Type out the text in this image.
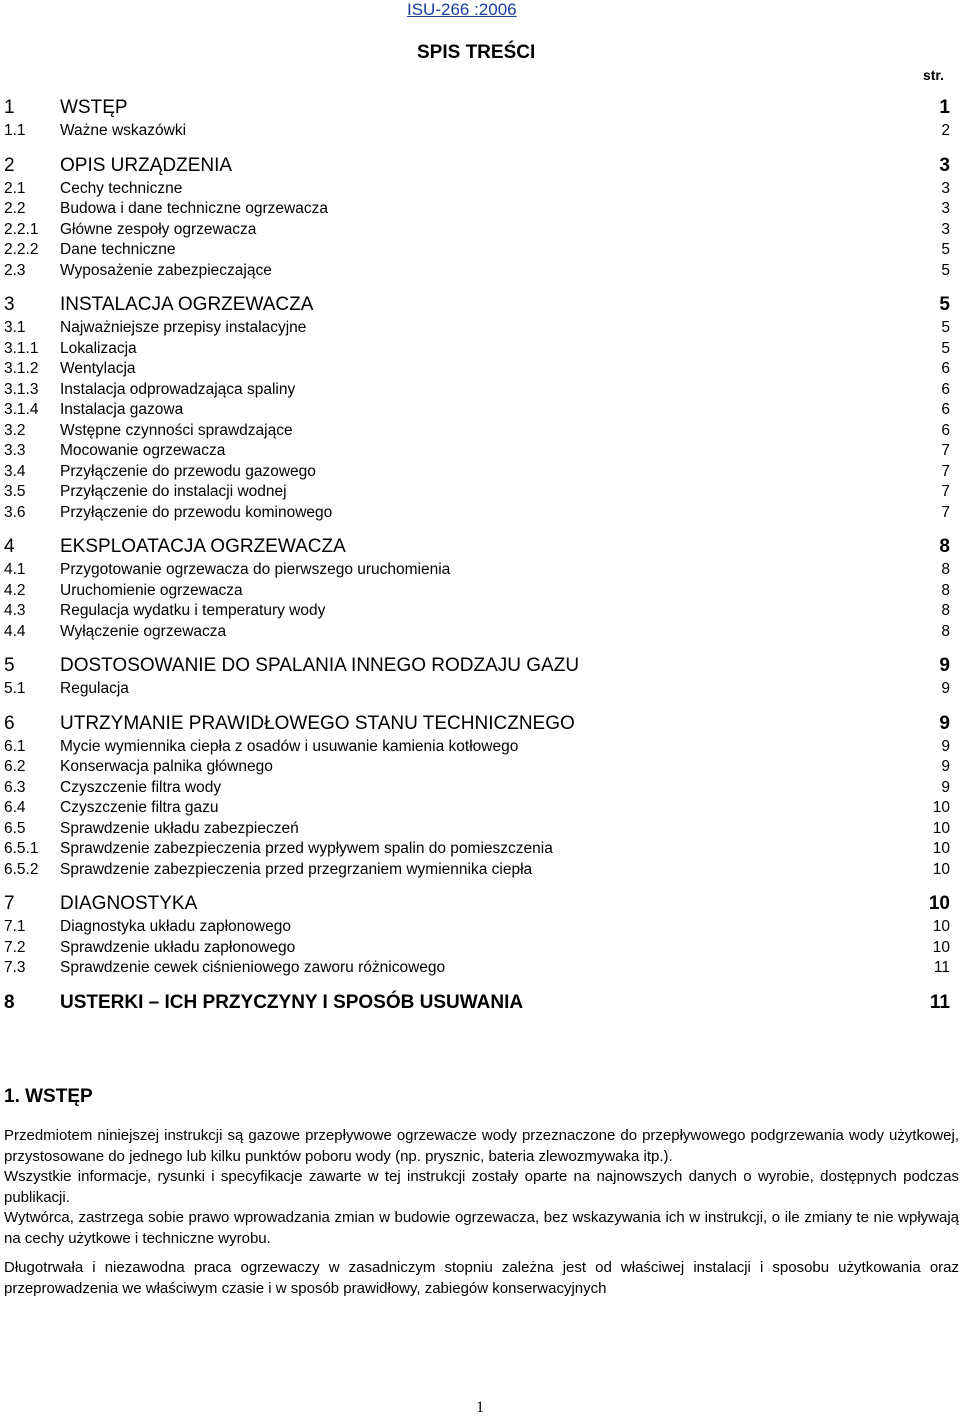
ISU-266 :2006
SPIS TREŚCI
str.
1 WSTĘP	1
1.1 Ważne wskazówki	2
2 OPIS URZĄDZENIA	3
2.1 Cechy techniczne	3
2.2 Budowa i dane techniczne ogrzewacza	3
2.2.1 Główne zespoły ogrzewacza	3
2.2.2 Dane techniczne	5
2.3 Wyposażenie zabezpieczające	5
3 INSTALACJA OGRZEWACZA	5
3.1 Najważniejsze przepisy instalacyjne	5
3.1.1 Lokalizacja	5
3.1.2 Wentylacja	6
3.1.3 Instalacja odprowadzająca spaliny	6
3.1.4 Instalacja gazowa	6
3.2 Wstępne czynności sprawdzające	6
3.3 Mocowanie ogrzewacza	7
3.4 Przyłączenie do przewodu gazowego	7
3.5 Przyłączenie do instalacji wodnej	7
3.6 Przyłączenie do przewodu kominowego	7
4 EKSPLOATACJA OGRZEWACZA	8
4.1 Przygotowanie ogrzewacza do pierwszego uruchomienia	8
4.2 Uruchomienie ogrzewacza	8
4.3 Regulacja wydatku i temperatury wody	8
4.4 Wyłączenie ogrzewacza	8
5 DOSTOSOWANIE DO SPALANIA INNEGO RODZAJU GAZU	9
5.1 Regulacja	9
6 UTRZYMANIE PRAWIDŁOWEGO STANU TECHNICZNEGO	9
6.1 Mycie wymiennika ciepła z osadów i usuwanie kamienia kotłowego	9
6.2 Konserwacja palnika głównego	9
6.3 Czyszczenie filtra wody	9
6.4 Czyszczenie filtra gazu	10
6.5 Sprawdzenie układu zabezpieczeń	10
6.5.1 Sprawdzenie zabezpieczenia przed wypływem spalin do pomieszczenia	10
6.5.2 Sprawdzenie zabezpieczenia przed przegrzaniem wymiennika ciepła	10
7 DIAGNOSTYKA	10
7.1 Diagnostyka układu zapłonowego	10
7.2 Sprawdzenie układu zapłonowego	10
7.3 Sprawdzenie cewek ciśnieniowego zaworu różnicowego	11
8 USTERKI – ICH PRZYCZYNY I SPOSÓB USUWANIA	11
1. WSTĘP

Przedmiotem niniejszej instrukcji są gazowe przepływowe ogrzewacze wody przeznaczone do przepływowego podgrzewania wody użytkowej, przystosowane do jednego lub kilku punktów poboru wody (np. prysznic, bateria zlewozmywaka itp.).

Wszystkie informacje, rysunki i specyfikacje zawarte w tej instrukcji zostały oparte na najnowszych danych o wyrobie, dostępnych podczas publikacji.

Wytwórca, zastrzega sobie prawo wprowadzania zmian w budowie ogrzewacza, bez wskazywania ich w instrukcji, o ile zmiany te nie wpływają na cechy użytkowe i techniczne wyrobu.

Długotrwała i niezawodna praca ogrzewaczy w zasadniczym stopniu zależna jest od właściwej instalacji i sposobu użytkowania oraz przeprowadzenia we właściwym czasie i w sposób prawidłowy, zabiegów konserwacyjnych

1
